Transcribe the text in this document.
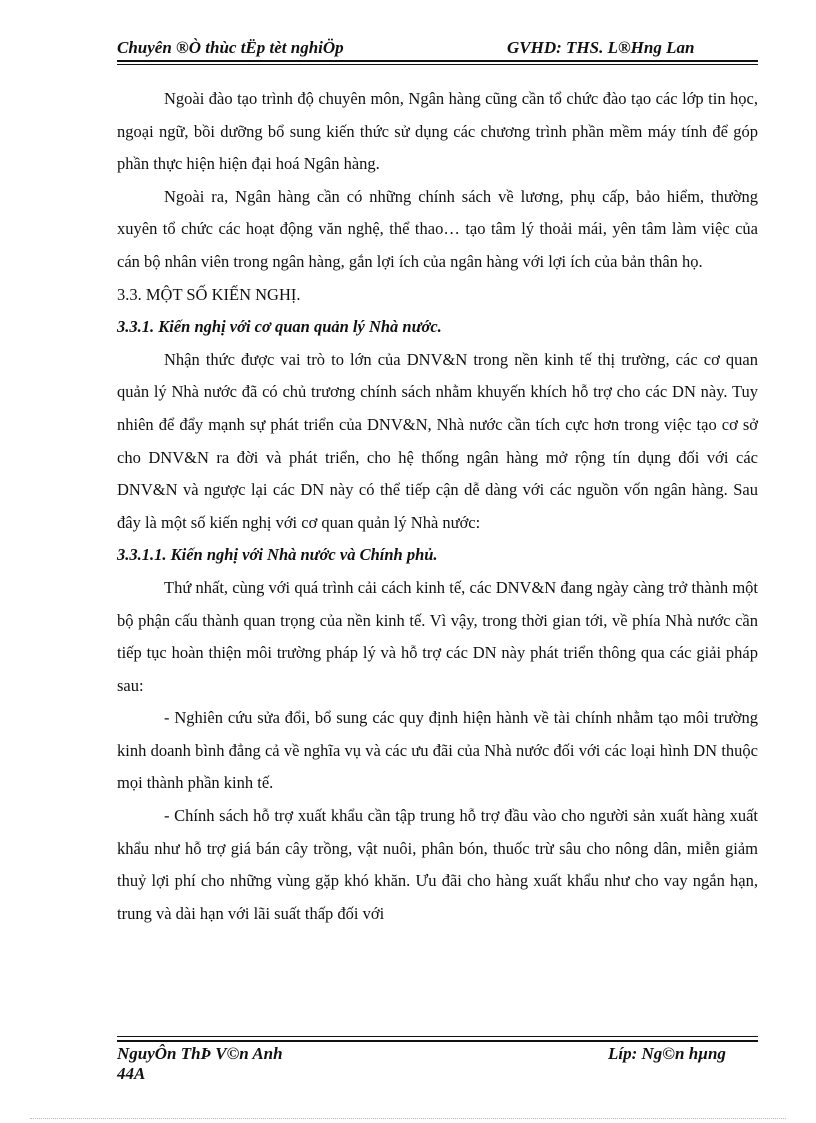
Chuyên ®Ò thùc tËp tèt nghiÖp	GVHD: THS. L®Hng Lan

Ngoài đào tạo trình độ chuyên môn, Ngân hàng cũng cần tổ chức đào tạo các lớp tin học, ngoại ngữ, bồi dưỡng bổ sung kiến thức sử dụng các chương trình phần mềm máy tính để góp phần thực hiện hiện đại hoá Ngân hàng.

Ngoài ra, Ngân hàng cần có những chính sách về lương, phụ cấp, bảo hiểm, thường xuyên tổ chức các hoạt động văn nghệ, thể thao… tạo tâm lý thoải mái, yên tâm làm việc của cán bộ nhân viên trong ngân hàng, gắn lợi ích của ngân hàng với lợi ích của bản thân họ.

3.3. MỘT SỐ KIẾN NGHỊ.

3.3.1. Kiến nghị với cơ quan quản lý Nhà nước.

Nhận thức được vai trò to lớn của DNV&N trong nền kinh tế thị trường, các cơ quan quản lý Nhà nước đã có chủ trương chính sách nhằm khuyến khích hỗ trợ cho các DN này. Tuy nhiên để đẩy mạnh sự phát triển của DNV&N, Nhà nước cần tích cực hơn trong việc tạo cơ sở cho DNV&N ra đời và phát triển, cho hệ thống ngân hàng mở rộng tín dụng đối với các DNV&N và ngược lại các DN này có thể tiếp cận dễ dàng với các nguồn vốn ngân hàng. Sau đây là một số kiến nghị với cơ quan quản lý Nhà nước:

3.3.1.1. Kiến nghị với Nhà nước và Chính phủ.

Thứ nhất, cùng với quá trình cải cách kinh tế, các DNV&N đang ngày càng trở thành một bộ phận cấu thành quan trọng của nền kinh tế. Vì vậy, trong thời gian tới, về phía Nhà nước cần tiếp tục hoàn thiện môi trường pháp lý và hỗ trợ các DN này phát triển thông qua các giải pháp sau:

- Nghiên cứu sửa đổi, bổ sung các quy định hiện hành về tài chính nhằm tạo môi trường kinh doanh bình đẳng cả về nghĩa vụ và các ưu đãi của Nhà nước đối với các loại hình DN thuộc mọi thành phần kinh tế.

- Chính sách hỗ trợ xuất khẩu cần tập trung hỗ trợ đầu vào cho người sản xuất hàng xuất khẩu như hỗ trợ giá bán cây trồng, vật nuôi, phân bón, thuốc trừ sâu cho nông dân, miễn giảm thuỷ lợi phí cho những vùng gặp khó khăn. Ưu đãi cho hàng xuất khẩu như cho vay ngắn hạn, trung và dài hạn với lãi suất thấp đối với

NguyÔn ThÞ V©n Anh
44A
Líp: Ng©n hµng
